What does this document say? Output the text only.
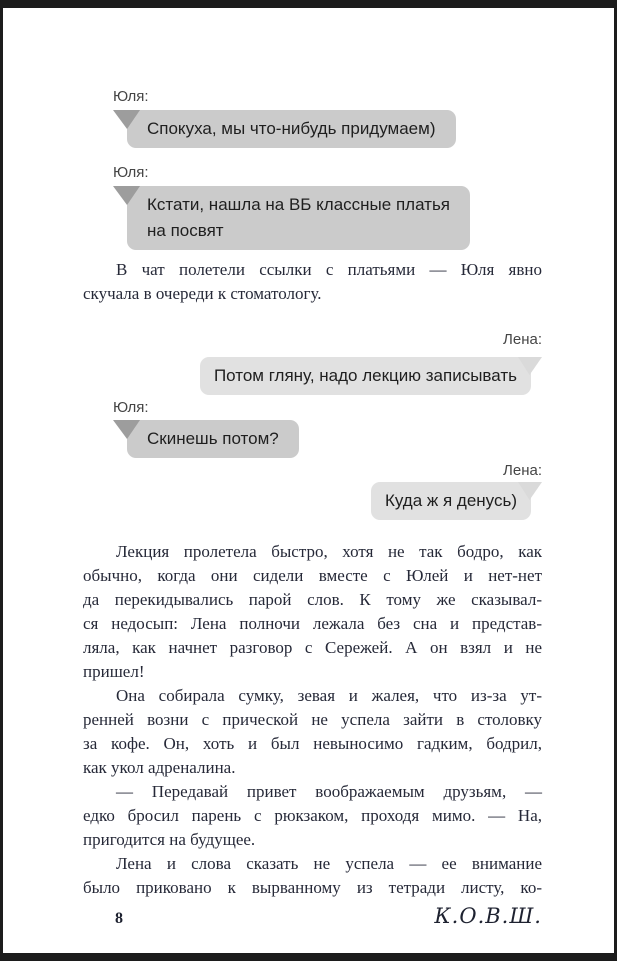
Юля:
Спокуха, мы что-нибудь придумаем)
Юля:
Кстати, нашла на ВБ классные платья
на посвят
В чат полетели ссылки с платьями — Юля явно
скучала в очереди к стоматологу.
Лена:
Потом гляну, надо лекцию записывать
Юля:
Скинешь потом?
Лена:
Куда ж я денусь)
Лекция пролетела быстро, хотя не так бодро, как
обычно, когда они сидели вместе с Юлей и нет-нет
да перекидывались парой слов. К тому же сказывал-
ся недосып: Лена полночи лежала без сна и представ-
ляла, как начнет разговор с Сережей. А он взял и не
пришел!
Она собирала сумку, зевая и жалея, что из-за ут-
ренней возни с прической не успела зайти в столовку
за кофе. Он, хоть и был невыносимо гадким, бодрил,
как укол адреналина.
— Передавай привет воображаемым друзьям, —
едко бросил парень с рюкзаком, проходя мимо. — На,
пригодится на будущее.
Лена и слова сказать не успела — ее внимание
было приковано к вырванному из тетради листу, ко-
8	К.О.В.Ш.
